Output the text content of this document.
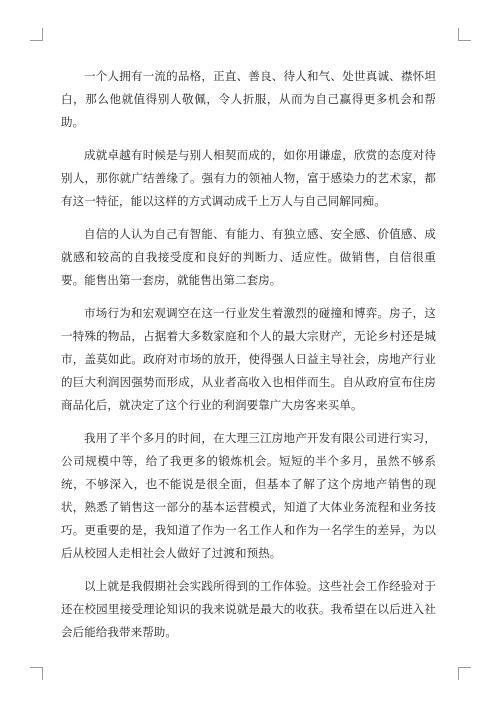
一个人拥有一流的品格，正直、善良、待人和气、处世真诚、襟怀坦白，那么他就值得别人敬佩，令人折服，从而为自己赢得更多机会和帮助。

成就卓越有时候是与别人相契而成的，如你用谦虚，欣赏的态度对待别人，那你就广结善缘了。强有力的领袖人物，富于感染力的艺术家，都有这一特征，能以这样的方式调动成千上万人与自己同解同痴。

自信的人认为自己有智能、有能力、有独立感、安全感、价值感、成就感和较高的自我接受度和良好的判断力、适应性。做销售，自信很重要。能售出第一套房，就能售出第二套房。

市场行为和宏观调空在这一行业发生着激烈的碰撞和博弈。房子，这一特殊的物品，占据着大多数家庭和个人的最大宗财产，无论乡村还是城市，盖莫如此。政府对市场的放开，使得强人日益主导社会，房地产行业的巨大利润因强势而形成，从业者高收入也相伴而生。自从政府宣布住房商品化后，就决定了这个行业的利润要靠广大房客来买单。

我用了半个多月的时间，在大理三江房地产开发有限公司进行实习，公司规模中等，给了我更多的锻炼机会。短短的半个多月，虽然不够系统，不够深入，也不能说是很全面，但基本了解了这个房地产销售的现状，熟悉了销售这一部分的基本运营模式，知道了大体业务流程和业务技巧。更重要的是，我知道了作为一名工作人和作为一名学生的差异，为以后从校园人走相社会人做好了过渡和预热。

以上就是我假期社会实践所得到的工作体验。这些社会工作经验对于还在校园里接受理论知识的我来说就是最大的收获。我希望在以后进入社会后能给我带来帮助。
